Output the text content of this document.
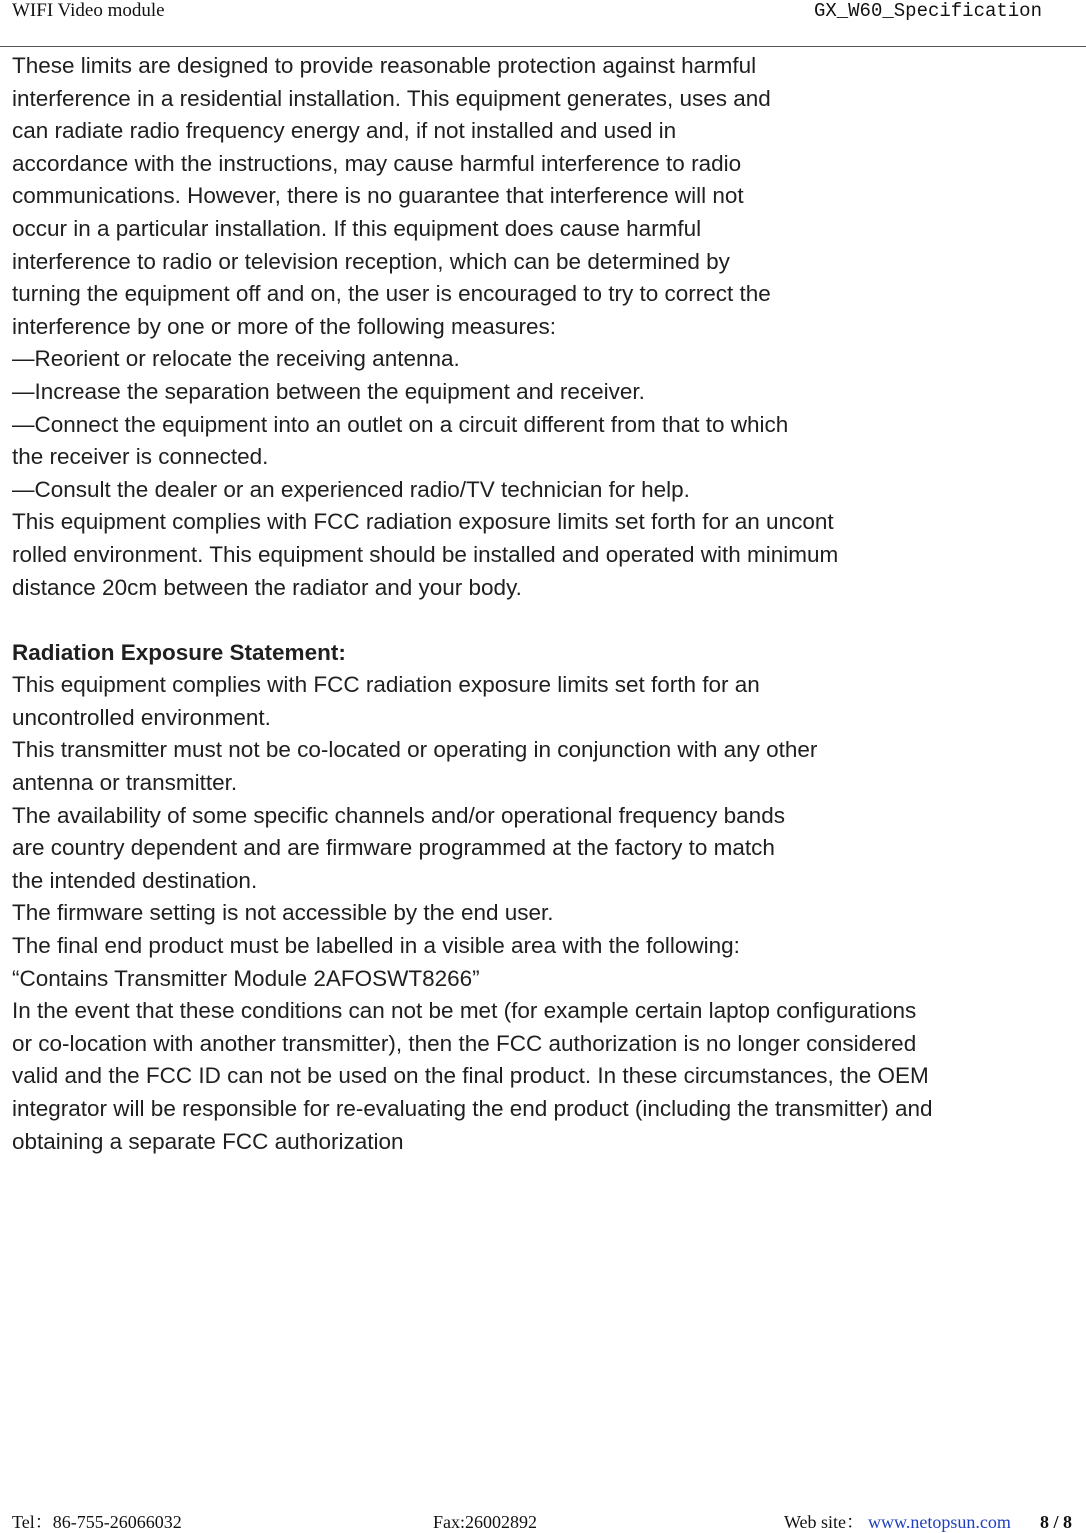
WIFI Video module	GX_W60_Specification
These limits are designed to provide reasonable protection against harmful
interference in a residential installation. This equipment generates, uses and
can radiate radio frequency energy and, if not installed and used in
accordance with the instructions, may cause harmful interference to radio
communications. However, there is no guarantee that interference will not
occur in a particular installation. If this equipment does cause harmful
interference to radio or television reception, which can be determined by
turning the equipment off and on, the user is encouraged to try to correct the
interference by one or more of the following measures:
—Reorient or relocate the receiving antenna.
—Increase the separation between the equipment and receiver.
—Connect the equipment into an outlet on a circuit different from that to which
the receiver is connected.
—Consult the dealer or an experienced radio/TV technician for help.
This equipment complies with FCC radiation exposure limits set forth for an uncont
rolled environment. This equipment should be installed and operated with minimum
distance 20cm between the radiator and your body.
Radiation Exposure Statement:
This equipment complies with FCC radiation exposure limits set forth for an
uncontrolled environment.
This transmitter must not be co-located or operating in conjunction with any other
antenna or transmitter.
The availability of some specific channels and/or operational frequency bands
are country dependent and are firmware programmed at the factory to match
the intended destination.
The firmware setting is not accessible by the end user.
The final end product must be labelled in a visible area with the following:
“Contains Transmitter Module 2AFOSWT8266”
In the event that these conditions can not be met (for example certain laptop configurations
or co-location with another transmitter), then the FCC authorization is no longer considered
valid and the FCC ID can not be used on the final product. In these circumstances, the OEM
integrator will be responsible for re-evaluating the end product (including the transmitter) and
obtaining a separate FCC authorization
Tel：86-755-26066032	Fax:26002892	Web site： www.netopsun.com 8 / 8
